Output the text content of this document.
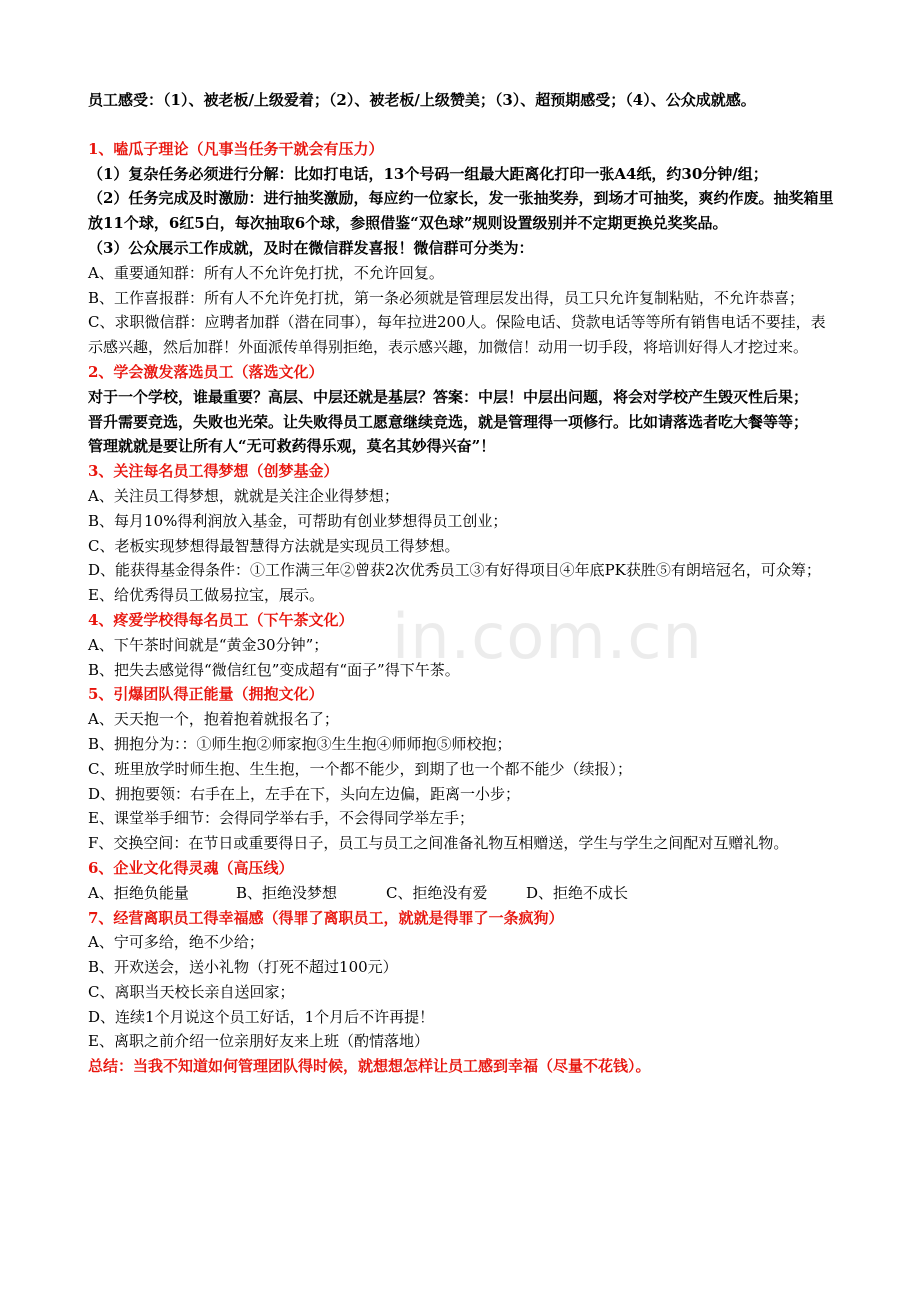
in.com.cn

员工感受：（1）、被老板/上级爱着；（2）、被老板/上级赞美；（3）、超预期感受；（4）、公众成就感。

1、嗑瓜子理论（凡事当任务干就会有压力）

（1）复杂任务必须进行分解：比如打电话，13个号码一组最大距离化打印一张A4纸，约30分钟/组；

（2）任务完成及时激励：进行抽奖激励，每应约一位家长，发一张抽奖券，到场才可抽奖，爽约作废。抽奖箱里放11个球，6红5白，每次抽取6个球，参照借鉴“双色球”规则设置级别并不定期更换兑奖奖品。

（3）公众展示工作成就，及时在微信群发喜报！微信群可分类为：

A、重要通知群：所有人不允许免打扰，不允许回复。

B、工作喜报群：所有人不允许免打扰，第一条必须就是管理层发出得，员工只允许复制粘贴，不允许恭喜；

C、求职微信群：应聘者加群（潜在同事），每年拉进200人。保险电话、贷款电话等等所有销售电话不要挂，表示感兴趣，然后加群！外面派传单得别拒绝，表示感兴趣，加微信！动用一切手段，将培训好得人才挖过来。

2、学会激发落选员工（落选文化）

对于一个学校，谁最重要？高层、中层还就是基层？答案：中层！中层出问题，将会对学校产生毁灭性后果；

晋升需要竞选，失败也光荣。让失败得员工愿意继续竞选，就是管理得一项修行。比如请落选者吃大餐等等；

管理就就是要让所有人“无可救药得乐观，莫名其妙得兴奋”！

3、关注每名员工得梦想（创梦基金）

A、关注员工得梦想，就就是关注企业得梦想；

B、每月10%得利润放入基金，可帮助有创业梦想得员工创业；

C、老板实现梦想得最智慧得方法就是实现员工得梦想。

D、能获得基金得条件：①工作满三年②曾获2次优秀员工③有好得项目④年底PK获胜⑤有朗培冠名，可众筹；

E、给优秀得员工做易拉宝，展示。

4、疼爱学校得每名员工（下午茶文化）

A、下午茶时间就是“黄金30分钟”；

B、把失去感觉得“微信红包”变成超有“面子”得下午茶。

5、引爆团队得正能量（拥抱文化）

A、天天抱一个，抱着抱着就报名了；

B、拥抱分为：：①师生抱②师家抱③生生抱④师师抱⑤师校抱；

C、班里放学时师生抱、生生抱，一个都不能少，到期了也一个都不能少（续报）；

D、拥抱要领：右手在上，左手在下，头向左边偏，距离一小步；

E、课堂举手细节：会得同学举右手，不会得同学举左手；

F、交换空间：在节日或重要得日子，员工与员工之间准备礼物互相赠送，学生与学生之间配对互赠礼物。

6、企业文化得灵魂（高压线）

A、拒绝负能量	B、拒绝没梦想	C、拒绝没有爱	D、拒绝不成长

7、经营离职员工得幸福感（得罪了离职员工，就就是得罪了一条疯狗）

A、宁可多给，绝不少给；

B、开欢送会，送小礼物（打死不超过100元）

C、离职当天校长亲自送回家；

D、连续1个月说这个员工好话，1个月后不许再提！

E、离职之前介绍一位亲朋好友来上班（酌情落地）

总结：当我不知道如何管理团队得时候，就想想怎样让员工感到幸福（尽量不花钱）。
